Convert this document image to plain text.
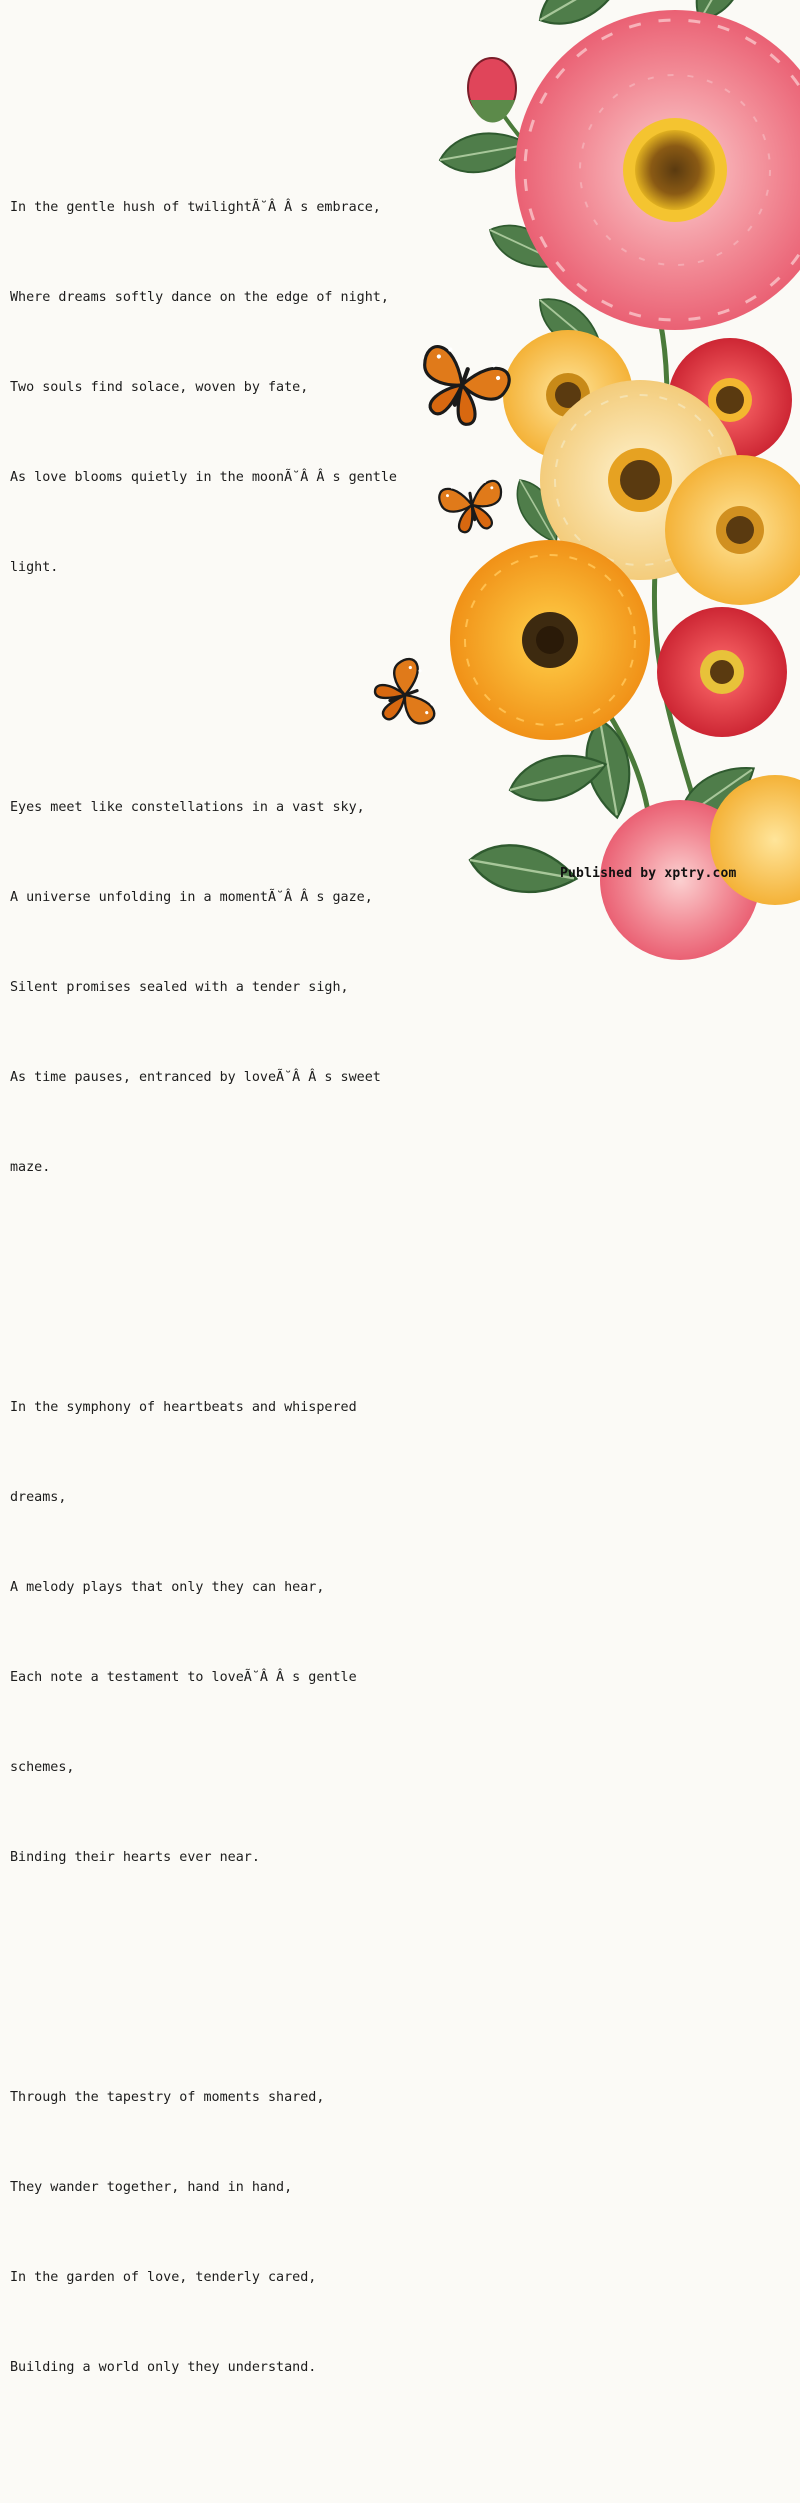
In the gentle hush of twilightÃ˘Â Â s embrace,

Where dreams softly dance on the edge of night,

Two souls find solace, woven by fate,

As love blooms quietly in the moonÃ˘Â Â s gentle

light.

Eyes meet like constellations in a vast sky,

A universe unfolding in a momentÃ˘Â Â s gaze,

Silent promises sealed with a tender sigh,

As time pauses, entranced by loveÃ˘Â Â s sweet

maze.

In the symphony of heartbeats and whispered

dreams,

A melody plays that only they can hear,

Each note a testament to loveÃ˘Â Â s gentle

schemes,

Binding their hearts ever near.

Through the tapestry of moments shared,

They wander together, hand in hand,

In the garden of love, tenderly cared,

Building a world only they understand.

Published by xptry.com
